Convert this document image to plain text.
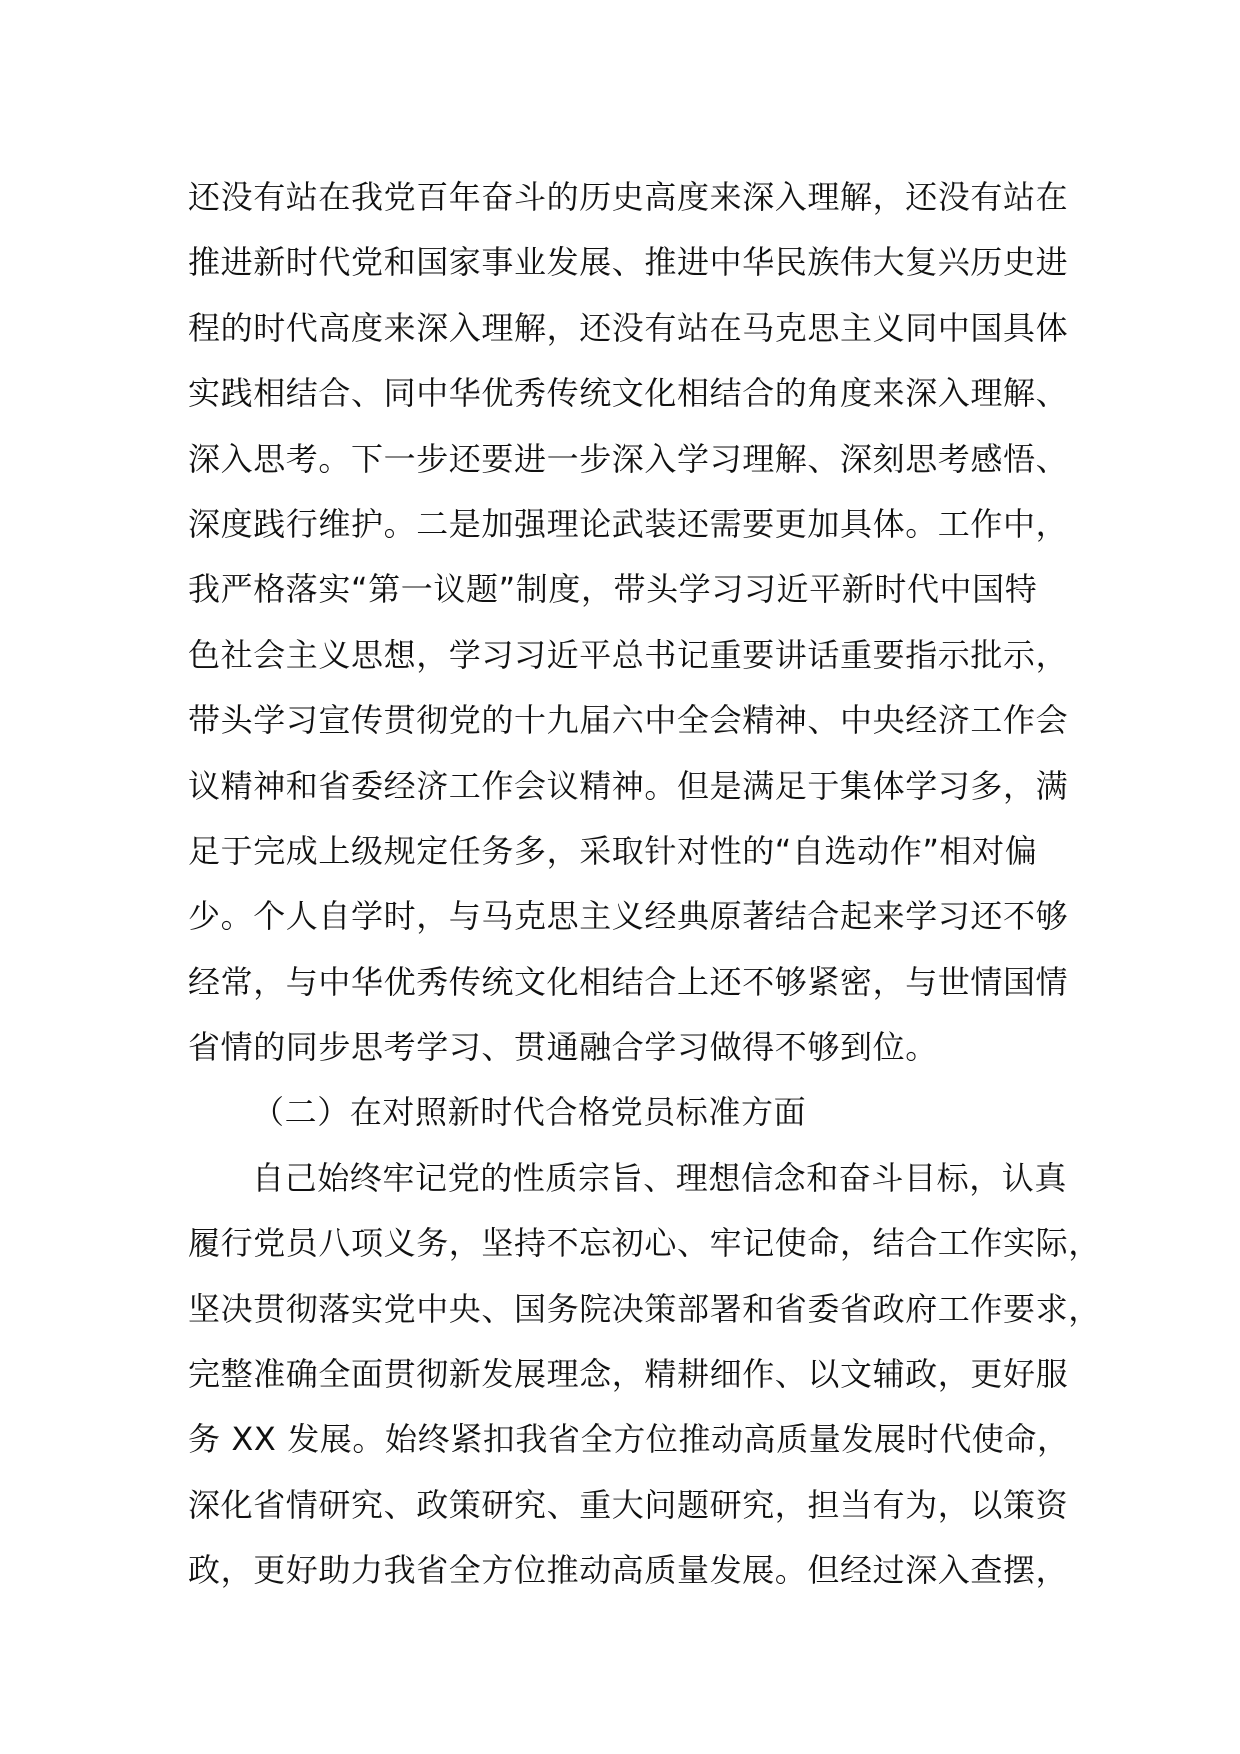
还没有站在我党百年奋斗的历史高度来深入理解，还没有站在
推进新时代党和国家事业发展、推进中华民族伟大复兴历史进
程的时代高度来深入理解，还没有站在马克思主义同中国具体
实践相结合、同中华优秀传统文化相结合的角度来深入理解、
深入思考。下一步还要进一步深入学习理解、深刻思考感悟、
深度践行维护。二是加强理论武装还需要更加具体。工作中，
我严格落实“第一议题”制度，带头学习习近平新时代中国特
色社会主义思想，学习习近平总书记重要讲话重要指示批示，
带头学习宣传贯彻党的十九届六中全会精神、中央经济工作会
议精神和省委经济工作会议精神。但是满足于集体学习多，满
足于完成上级规定任务多，采取针对性的“自选动作”相对偏
少。个人自学时，与马克思主义经典原著结合起来学习还不够
经常，与中华优秀传统文化相结合上还不够紧密，与世情国情
省情的同步思考学习、贯通融合学习做得不够到位。
（二）在对照新时代合格党员标准方面
自己始终牢记党的性质宗旨、理想信念和奋斗目标，认真
履行党员八项义务，坚持不忘初心、牢记使命，结合工作实际，
坚决贯彻落实党中央、国务院决策部署和省委省政府工作要求，
完整准确全面贯彻新发展理念，精耕细作、以文辅政，更好服
务 XX 发展。始终紧扣我省全方位推动高质量发展时代使命，
深化省情研究、政策研究、重大问题研究，担当有为，以策资
政，更好助力我省全方位推动高质量发展。但经过深入查摆，
